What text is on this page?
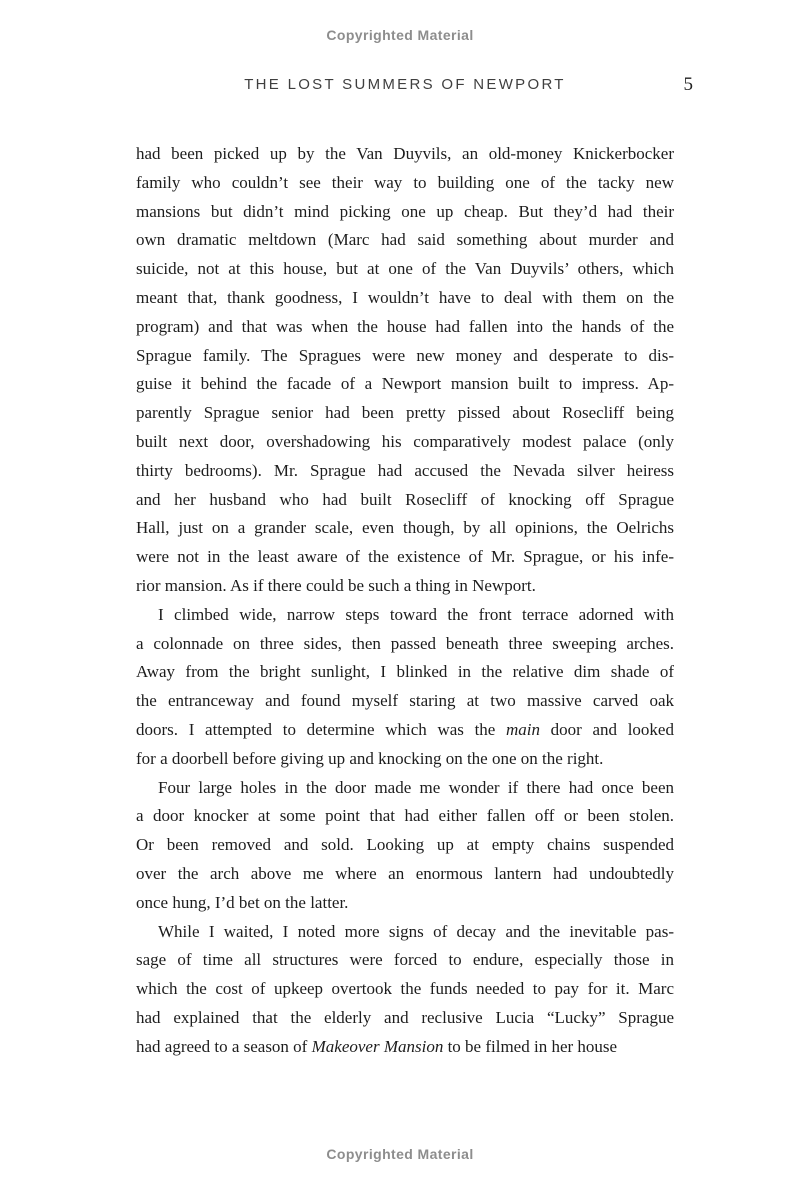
Copyrighted Material
THE LOST SUMMERS OF NEWPORT	5
had been picked up by the Van Duyvils, an old-money Knickerbocker
family who couldn’t see their way to building one of the tacky new
mansions but didn’t mind picking one up cheap. But they’d had their
own dramatic meltdown (Marc had said something about murder and
suicide, not at this house, but at one of the Van Duyvils’ others, which
meant that, thank goodness, I wouldn’t have to deal with them on the
program) and that was when the house had fallen into the hands of the
Sprague family. The Spragues were new money and desperate to dis-
guise it behind the facade of a Newport mansion built to impress. Ap-
parently Sprague senior had been pretty pissed about Rosecliff being
built next door, overshadowing his comparatively modest palace (only
thirty bedrooms). Mr. Sprague had accused the Nevada silver heiress
and her husband who had built Rosecliff of knocking off Sprague
Hall, just on a grander scale, even though, by all opinions, the Oelrichs
were not in the least aware of the existence of Mr. Sprague, or his infe-
rior mansion. As if there could be such a thing in Newport.
I climbed wide, narrow steps toward the front terrace adorned with
a colonnade on three sides, then passed beneath three sweeping arches.
Away from the bright sunlight, I blinked in the relative dim shade of
the entranceway and found myself staring at two massive carved oak
doors. I attempted to determine which was the main door and looked
for a doorbell before giving up and knocking on the one on the right.
Four large holes in the door made me wonder if there had once been
a door knocker at some point that had either fallen off or been stolen.
Or been removed and sold. Looking up at empty chains suspended
over the arch above me where an enormous lantern had undoubtedly
once hung, I’d bet on the latter.
While I waited, I noted more signs of decay and the inevitable pas-
sage of time all structures were forced to endure, especially those in
which the cost of upkeep overtook the funds needed to pay for it. Marc
had explained that the elderly and reclusive Lucia “Lucky” Sprague
had agreed to a season of Makeover Mansion to be filmed in her house
Copyrighted Material
